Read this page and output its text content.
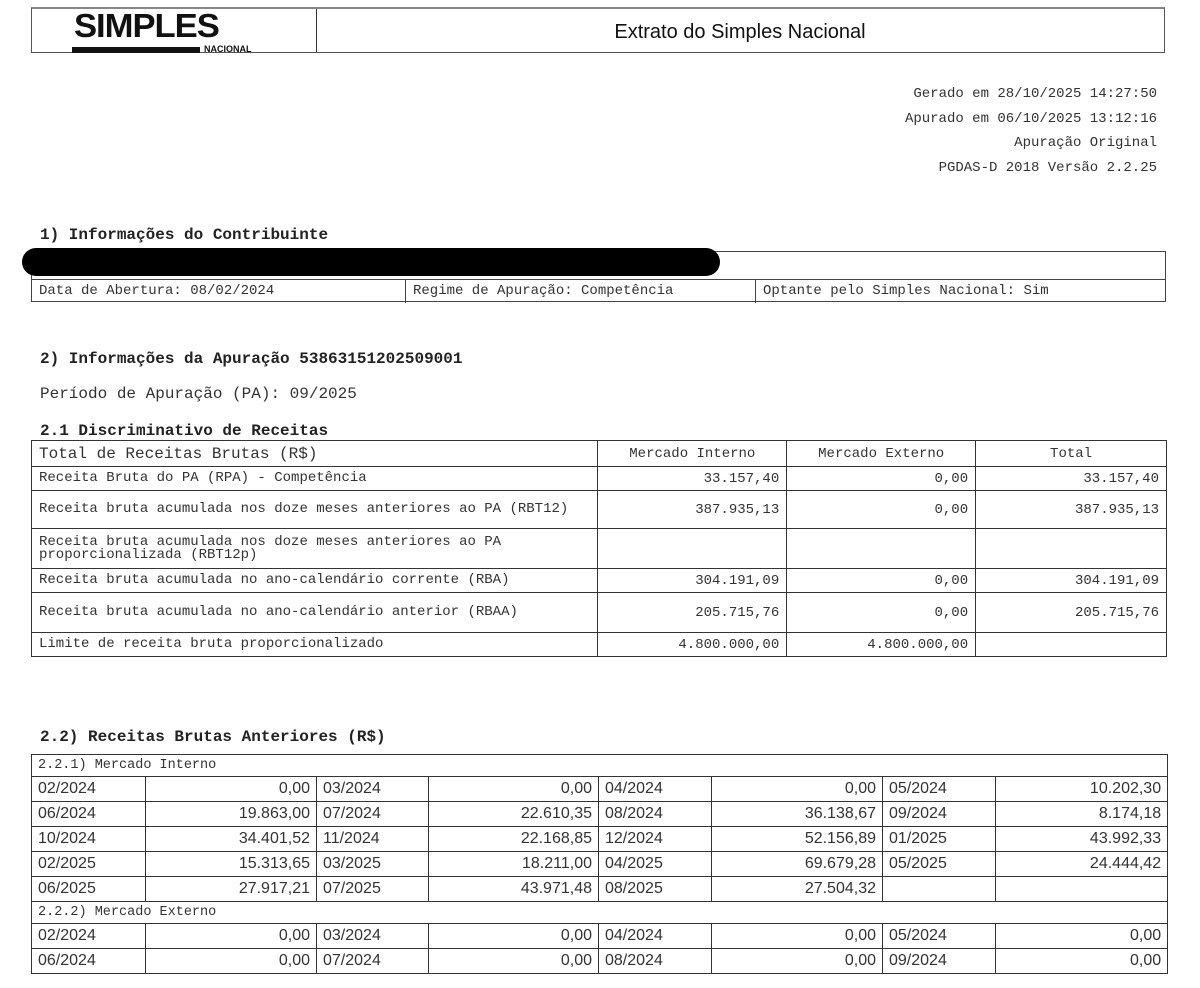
SIMPLES
NACIONAL
Extrato do Simples Nacional
Gerado em 28/10/2025 14:27:50
Apurado em 06/10/2025 13:12:16
Apuração Original
PGDAS-D 2018 Versão 2.2.25
1) Informações do Contribuinte
Data de Abertura: 08/02/2024	Regime de Apuração: Competência	Optante pelo Simples Nacional: Sim
2) Informações da Apuração 53863151202509001
Período de Apuração (PA): 09/2025
2.1 Discriminativo de Receitas
Total de Receitas Brutas (R$)	Mercado Interno	Mercado Externo	Total
Receita Bruta do PA (RPA) - Competência	33.157,40	0,00	33.157,40
Receita bruta acumulada nos doze meses anteriores ao PA (RBT12)	387.935,13	0,00	387.935,13
Receita bruta acumulada nos doze meses anteriores ao PA proporcionalizada (RBT12p)			
Receita bruta acumulada no ano-calendário corrente (RBA)	304.191,09	0,00	304.191,09
Receita bruta acumulada no ano-calendário anterior (RBAA)	205.715,76	0,00	205.715,76
Limite de receita bruta proporcionalizado	4.800.000,00	4.800.000,00	
2.2) Receitas Brutas Anteriores (R$)
2.2.1) Mercado Interno							
02/2024	0,00	03/2024	0,00	04/2024	0,00	05/2024	10.202,30
06/2024	19.863,00	07/2024	22.610,35	08/2024	36.138,67	09/2024	8.174,18
10/2024	34.401,52	11/2024	22.168,85	12/2024	52.156,89	01/2025	43.992,33
02/2025	15.313,65	03/2025	18.211,00	04/2025	69.679,28	05/2025	24.444,42
06/2025	27.917,21	07/2025	43.971,48	08/2025	27.504,32		
2.2.2) Mercado Externo							
02/2024	0,00	03/2024	0,00	04/2024	0,00	05/2024	0,00
06/2024	0,00	07/2024	0,00	08/2024	0,00	09/2024	0,00
